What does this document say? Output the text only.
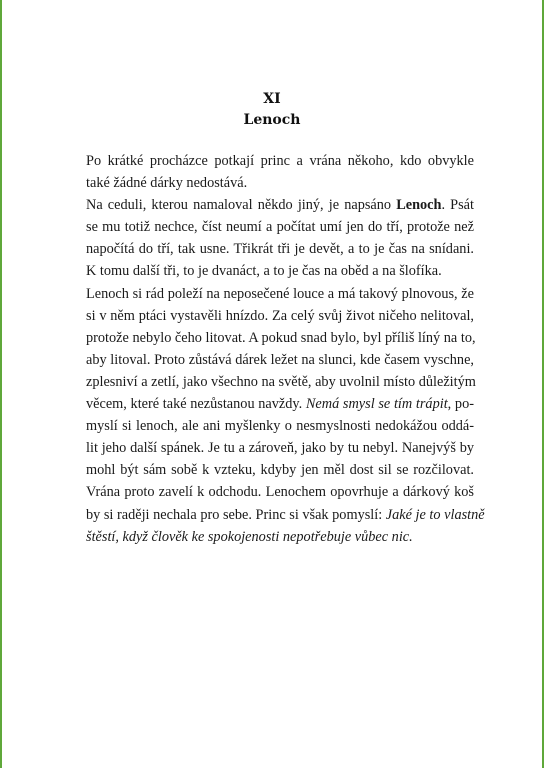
XI
Lenoch
Po krátké procházce potkají princ a vrána někoho, kdo obvykle
také žádné dárky nedostává.
Na ceduli, kterou namaloval někdo jiný, je napsáno Lenoch. Psát
se mu totiž nechce, číst neumí a počítat umí jen do tří, protože než
napočítá do tří, tak usne. Třikrát tři je devět, a to je čas na snídani.
K tomu další tři, to je dvanáct, a to je čas na oběd a na šlofíka.
Lenoch si rád poleží na neposečené louce a má takový plnovous, že
si v něm ptáci vystavěli hnízdo. Za celý svůj život ničeho nelitoval,
protože nebylo čeho litovat. A pokud snad bylo, byl příliš líný na to,
aby litoval. Proto zůstává dárek ležet na slunci, kde časem vyschne,
zplesniví a zetlí, jako všechno na světě, aby uvolnil místo důležitým
věcem, které také nezůstanou navždy. Nemá smysl se tím trápit, po-
myslí si lenoch, ale ani myšlenky o nesmyslnosti nedokážou oddá-
lit jeho další spánek. Je tu a zároveň, jako by tu nebyl. Nanejvýš by
mohl být sám sobě k vzteku, kdyby jen měl dost sil se rozčilovat.
Vrána proto zavelí k odchodu. Lenochem opovrhuje a dárkový koš
by si raději nechala pro sebe. Princ si však pomyslí: Jaké je to vlastně
štěstí, když člověk ke spokojenosti nepotřebuje vůbec nic.
